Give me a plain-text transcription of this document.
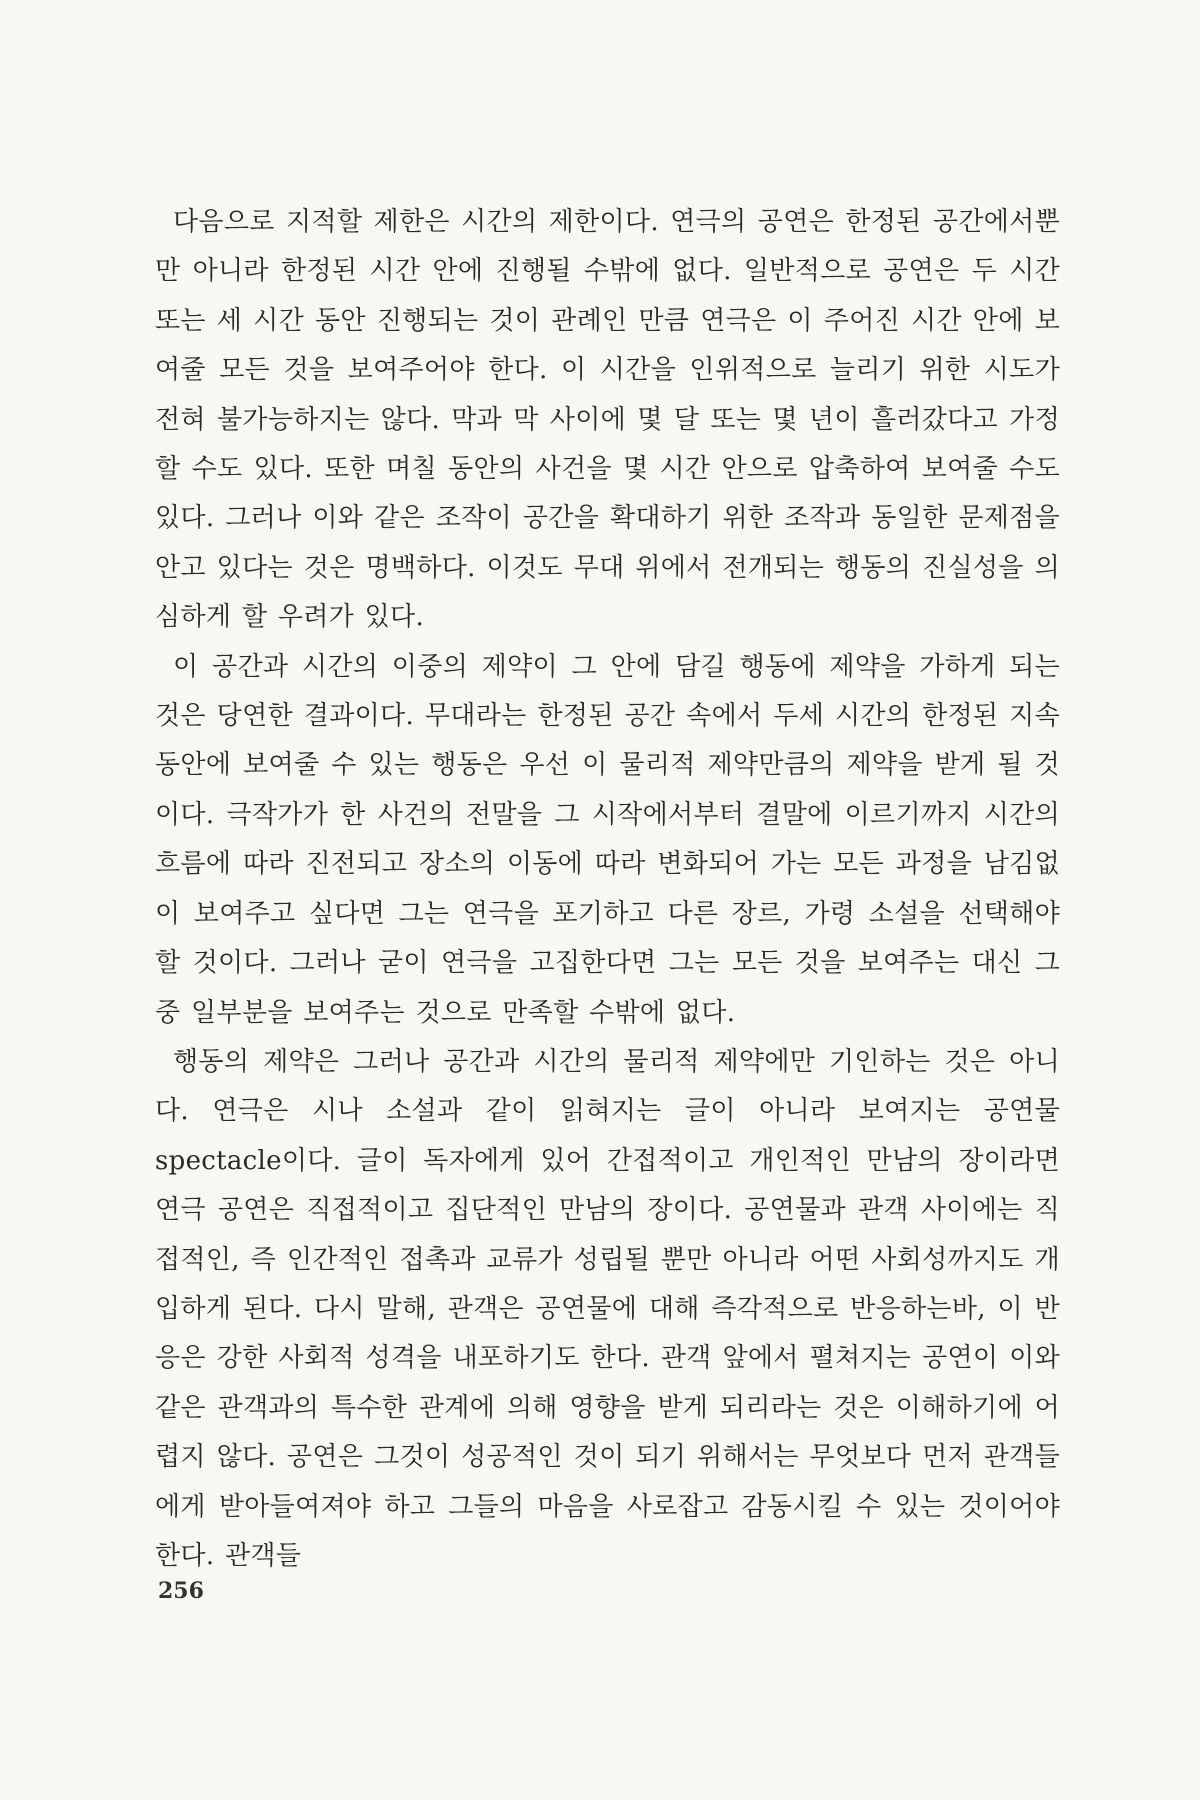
다음으로 지적할 제한은 시간의 제한이다. 연극의 공연은 한정된 공간에서뿐만 아니라 한정된 시간 안에 진행될 수밖에 없다. 일반적으로 공연은 두 시간 또는 세 시간 동안 진행되는 것이 관례인 만큼 연극은 이 주어진 시간 안에 보여줄 모든 것을 보여주어야 한다. 이 시간을 인위적으로 늘리기 위한 시도가 전혀 불가능하지는 않다. 막과 막 사이에 몇 달 또는 몇 년이 흘러갔다고 가정할 수도 있다. 또한 며칠 동안의 사건을 몇 시간 안으로 압축하여 보여줄 수도 있다. 그러나 이와 같은 조작이 공간을 확대하기 위한 조작과 동일한 문제점을 안고 있다는 것은 명백하다. 이것도 무대 위에서 전개되는 행동의 진실성을 의심하게 할 우려가 있다.

이 공간과 시간의 이중의 제약이 그 안에 담길 행동에 제약을 가하게 되는 것은 당연한 결과이다. 무대라는 한정된 공간 속에서 두세 시간의 한정된 지속 동안에 보여줄 수 있는 행동은 우선 이 물리적 제약만큼의 제약을 받게 될 것이다. 극작가가 한 사건의 전말을 그 시작에서부터 결말에 이르기까지 시간의 흐름에 따라 진전되고 장소의 이동에 따라 변화되어 가는 모든 과정을 남김없이 보여주고 싶다면 그는 연극을 포기하고 다른 장르, 가령 소설을 선택해야 할 것이다. 그러나 굳이 연극을 고집한다면 그는 모든 것을 보여주는 대신 그 중 일부분을 보여주는 것으로 만족할 수밖에 없다.

행동의 제약은 그러나 공간과 시간의 물리적 제약에만 기인하는 것은 아니다. 연극은 시나 소설과 같이 읽혀지는 글이 아니라 보여지는 공연물spectacle이다. 글이 독자에게 있어 간접적이고 개인적인 만남의 장이라면 연극 공연은 직접적이고 집단적인 만남의 장이다. 공연물과 관객 사이에는 직접적인, 즉 인간적인 접촉과 교류가 성립될 뿐만 아니라 어떤 사회성까지도 개입하게 된다. 다시 말해, 관객은 공연물에 대해 즉각적으로 반응하는바, 이 반응은 강한 사회적 성격을 내포하기도 한다. 관객 앞에서 펼쳐지는 공연이 이와 같은 관객과의 특수한 관계에 의해 영향을 받게 되리라는 것은 이해하기에 어렵지 않다. 공연은 그것이 성공적인 것이 되기 위해서는 무엇보다 먼저 관객들에게 받아들여져야 하고 그들의 마음을 사로잡고 감동시킬 수 있는 것이어야 한다. 관객들

256
